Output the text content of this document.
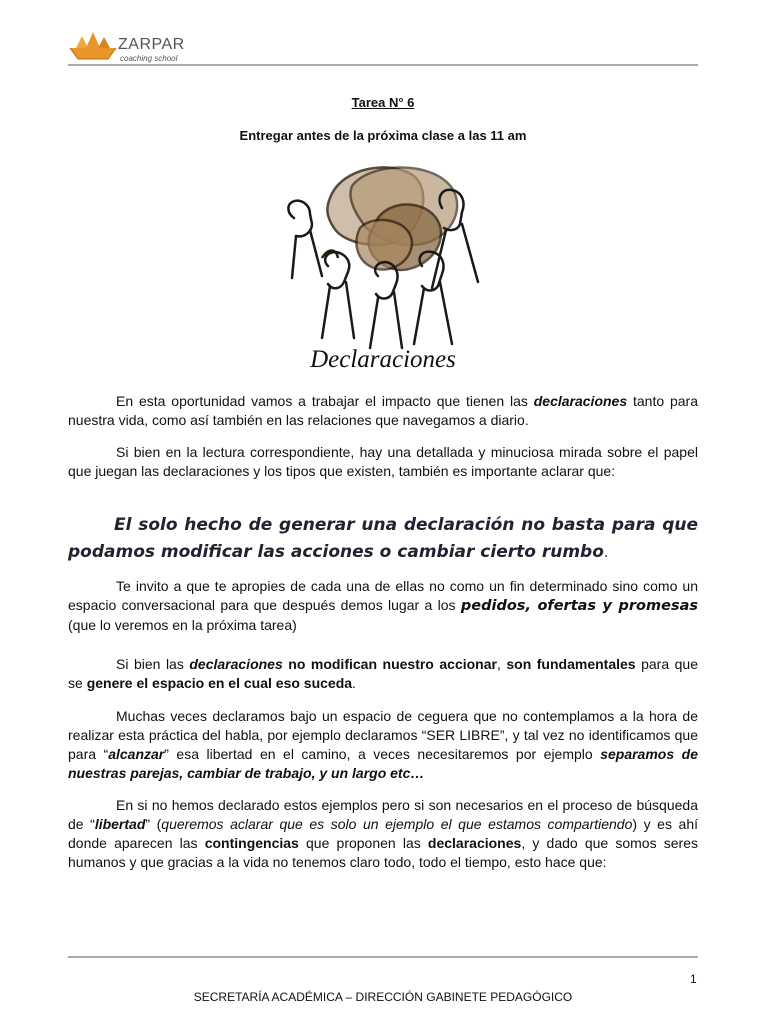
ZARPAR
coaching school
Tarea N° 6
Entregar antes de la próxima clase a las 11 am
Declaraciones
En esta oportunidad vamos a trabajar el impacto que tienen las declaraciones tanto para nuestra vida, como así también en las relaciones que navegamos a diario.
Si bien en la lectura correspondiente, hay una detallada y minuciosa mirada sobre el papel que juegan las declaraciones y los tipos que existen, también es importante aclarar que:
El solo hecho de generar una declaración no basta para que podamos modificar las acciones o cambiar cierto rumbo.
Te invito a que te apropies de cada una de ellas no como un fin determinado sino como un espacio conversacional para que después demos lugar a los pedidos, ofertas y promesas (que lo veremos en la próxima tarea)
Si bien las declaraciones no modifican nuestro accionar, son fundamentales para que se genere el espacio en el cual eso suceda.
Muchas veces declaramos bajo un espacio de ceguera que no contemplamos a la hora de realizar esta práctica del habla, por ejemplo declaramos “SER LIBRE”, y tal vez no identificamos que para “alcanzar” esa libertad en el camino, a veces necesitaremos por ejemplo separamos de nuestras parejas, cambiar de trabajo, y un largo etc…
En si no hemos declarado estos ejemplos pero si son necesarios en el proceso de búsqueda de “libertad” (queremos aclarar que es solo un ejemplo el que estamos compartiendo) y es ahí donde aparecen las contingencias que proponen las declaraciones, y dado que somos seres humanos y que gracias a la vida no tenemos claro todo, todo el tiempo, esto hace que:
1
SECRETARÍA ACADÉMICA – DIRECCIÓN GABINETE PEDAGÓGICO
